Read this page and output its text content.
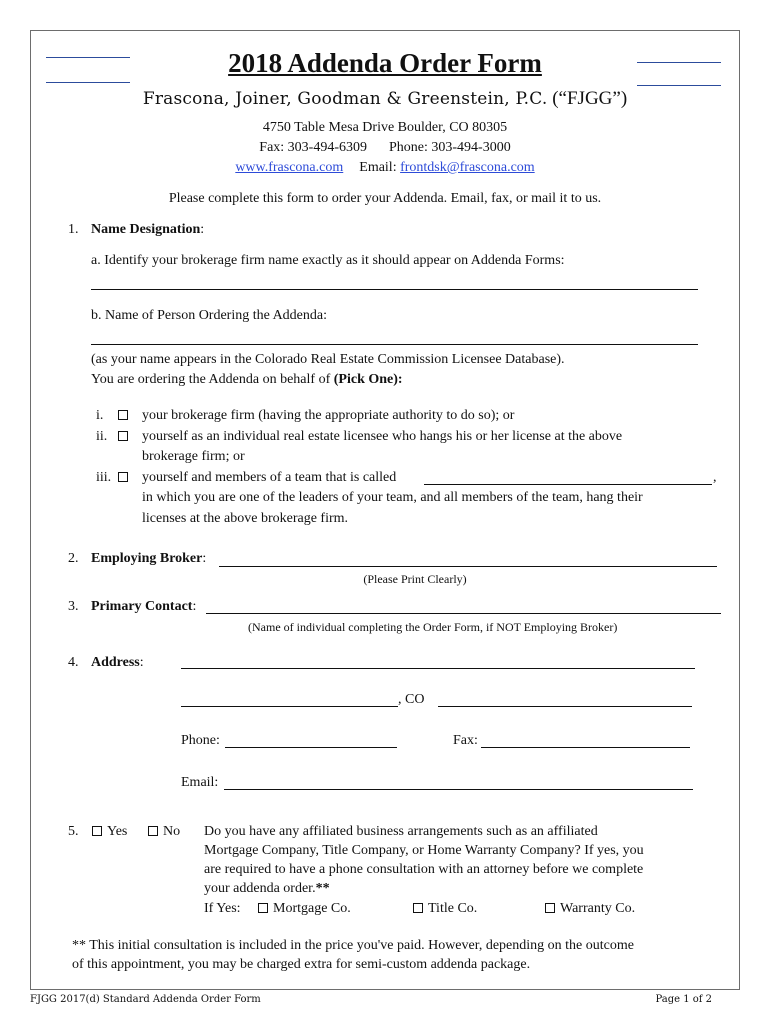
2018 Addenda Order Form
Frascona, Joiner, Goodman & Greenstein, P.C. (“FJGG”)
4750 Table Mesa Drive Boulder, CO 80305
Fax: 303-494-6309 Phone: 303-494-3000
www.frascona.com Email: frontdsk@frascona.com
Please complete this form to order your Addenda. Email, fax, or mail it to us.
1. Name Designation:
a. Identify your brokerage firm name exactly as it should appear on Addenda Forms:
b. Name of Person Ordering the Addenda:
(as your name appears in the Colorado Real Estate Commission Licensee Database).
You are ordering the Addenda on behalf of (Pick One):
i.	your brokerage firm (having the appropriate authority to do so); or
ii. yourself as an individual real estate licensee who hangs his or her license at the above
brokerage firm; or
iii. yourself and members of a team that is called	,
in which you are one of the leaders of your team, and all members of the team, hang their
licenses at the above brokerage firm.
2. Employing Broker:
(Please Print Clearly)
3. Primary Contact:
(Name of individual completing the Order Form, if NOT Employing Broker)
4. Address:
, CO
Phone:	Fax:
Email:
5. Yes	No Do you have any affiliated business arrangements such as an affiliated
Mortgage Company, Title Company, or Home Warranty Company? If yes, you
are required to have a phone consultation with an attorney before we complete
your addenda order.**
If Yes: Mortgage Co.	Title Co.	Warranty Co.
** This initial consultation is included in the price you've paid. However, depending on the outcome
of this appointment, you may be charged extra for semi-custom addenda package.
FJGG 2017(d) Standard Addenda Order Form	Page 1 of 2
